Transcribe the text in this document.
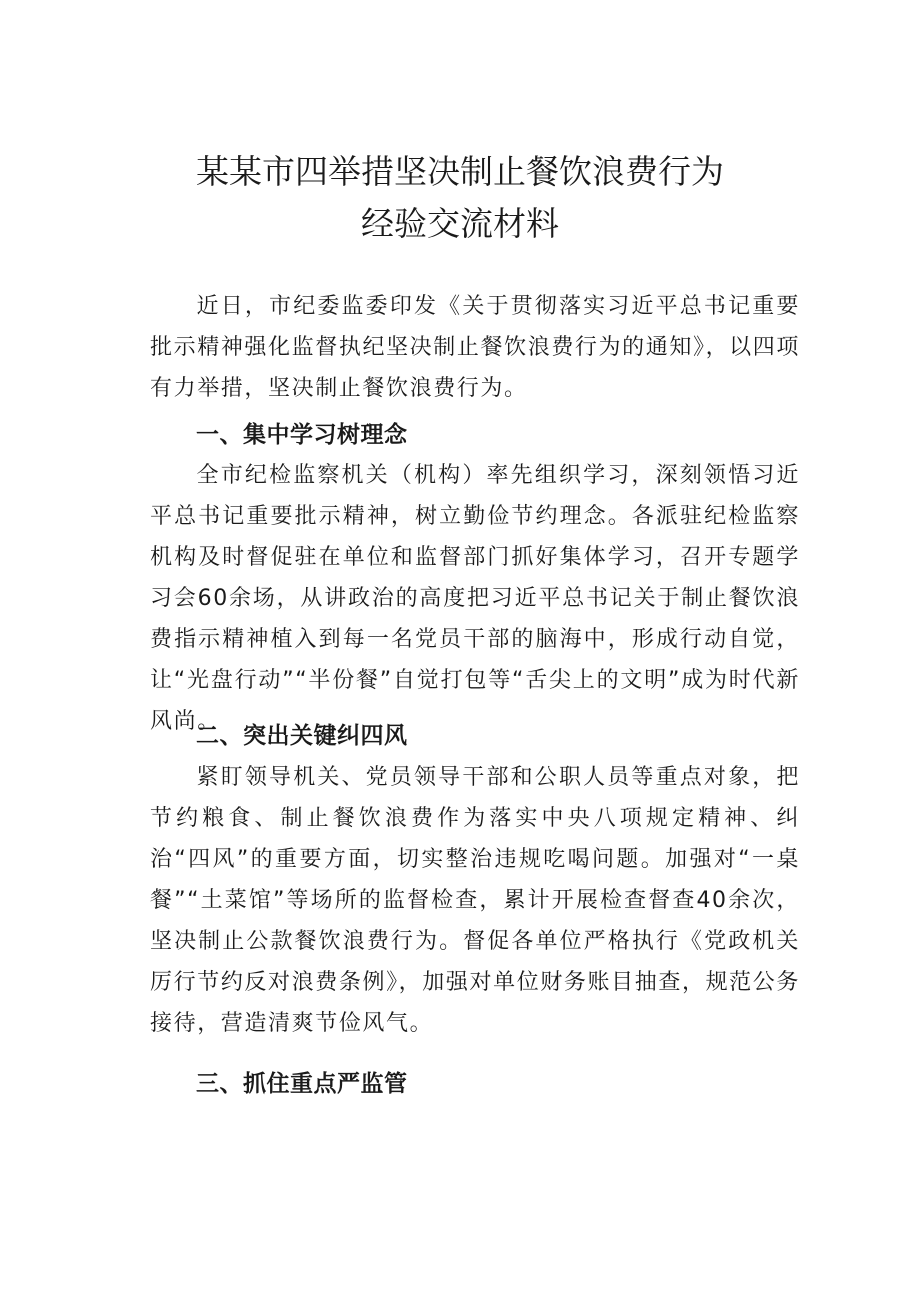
某某市四举措坚决制止餐饮浪费行为
经验交流材料

近日，市纪委监委印发《关于贯彻落实习近平总书记重要批示精神强化监督执纪坚决制止餐饮浪费行为的通知》，以四项有力举措，坚决制止餐饮浪费行为。

一、集中学习树理念

全市纪检监察机关（机构）率先组织学习，深刻领悟习近平总书记重要批示精神，树立勤俭节约理念。各派驻纪检监察机构及时督促驻在单位和监督部门抓好集体学习，召开专题学习会60余场，从讲政治的高度把习近平总书记关于制止餐饮浪费指示精神植入到每一名党员干部的脑海中，形成行动自觉，让“光盘行动”“半份餐”自觉打包等“舌尖上的文明”成为时代新风尚。

二、突出关键纠四风

紧盯领导机关、党员领导干部和公职人员等重点对象，把节约粮食、制止餐饮浪费作为落实中央八项规定精神、纠治“四风”的重要方面，切实整治违规吃喝问题。加强对“一桌餐”“土菜馆”等场所的监督检查，累计开展检查督查40余次，坚决制止公款餐饮浪费行为。督促各单位严格执行《党政机关厉行节约反对浪费条例》，加强对单位财务账目抽查，规范公务接待，营造清爽节俭风气。

三、抓住重点严监管
